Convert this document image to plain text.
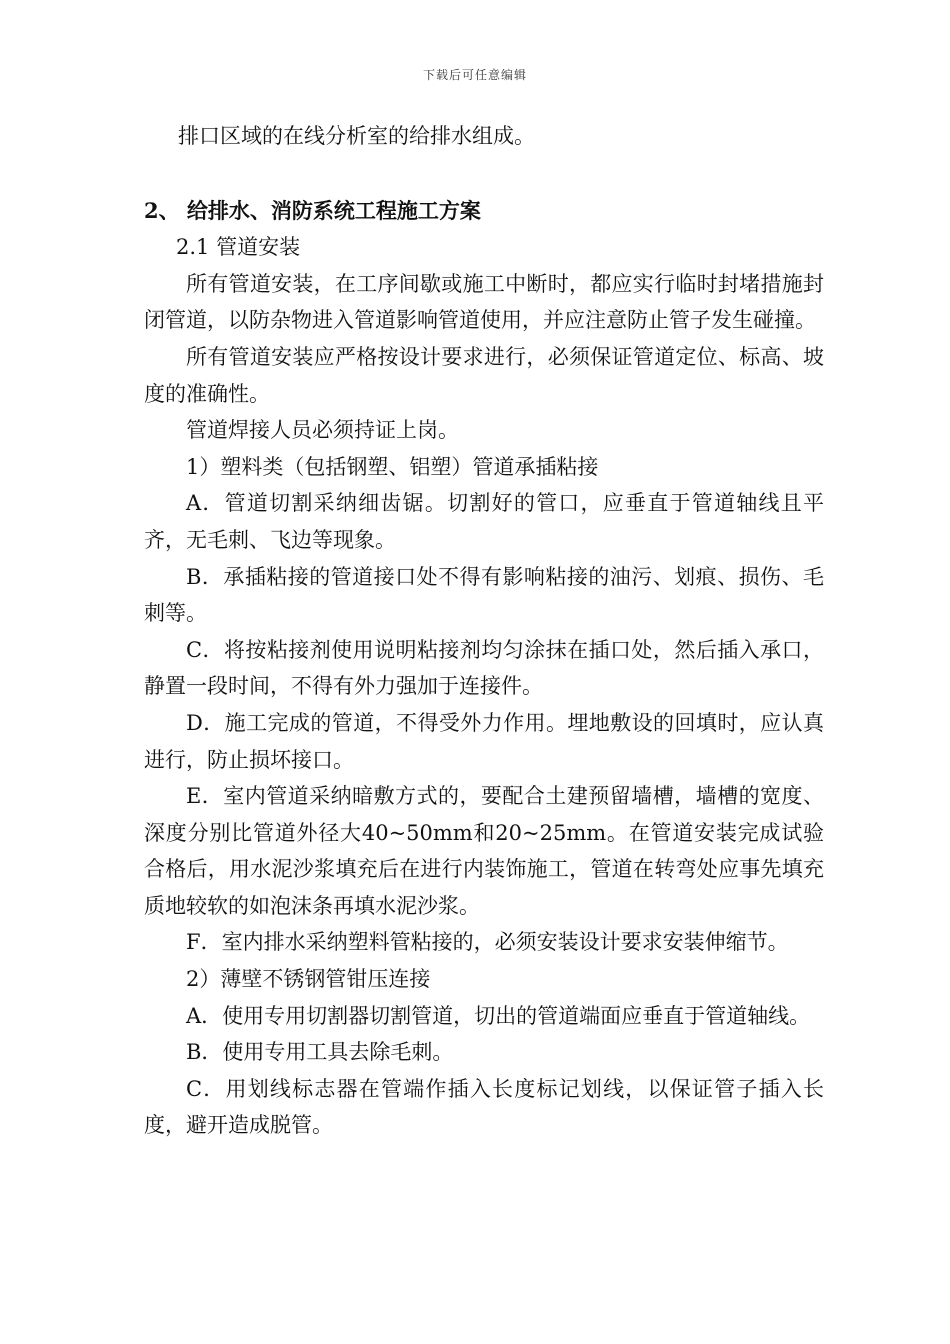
下载后可任意编辑

排口区域的在线分析室的给排水组成。

2、 给排水、消防系统工程施工方案

2.1 管道安装

所有管道安装，在工序间歇或施工中断时，都应实行临时封堵措施封闭管道，以防杂物进入管道影响管道使用，并应注意防止管子发生碰撞。

所有管道安装应严格按设计要求进行，必须保证管道定位、标高、坡度的准确性。

管道焊接人员必须持证上岗。

1）塑料类（包括钢塑、铝塑）管道承插粘接

A．管道切割采纳细齿锯。切割好的管口，应垂直于管道轴线且平齐，无毛刺、飞边等现象。

B．承插粘接的管道接口处不得有影响粘接的油污、划痕、损伤、毛刺等。

C．将按粘接剂使用说明粘接剂均匀涂抹在插口处，然后插入承口，静置一段时间，不得有外力强加于连接件。

D．施工完成的管道，不得受外力作用。埋地敷设的回填时，应认真进行，防止损坏接口。

E．室内管道采纳暗敷方式的，要配合土建预留墙槽，墙槽的宽度、深度分别比管道外径大40~50mm和20~25mm。在管道安装完成试验合格后，用水泥沙浆填充后在进行内装饰施工，管道在转弯处应事先填充质地较软的如泡沫条再填水泥沙浆。

F．室内排水采纳塑料管粘接的，必须安装设计要求安装伸缩节。

2）薄壁不锈钢管钳压连接

A．使用专用切割器切割管道，切出的管道端面应垂直于管道轴线。

B．使用专用工具去除毛刺。

C．用划线标志器在管端作插入长度标记划线，以保证管子插入长度，避开造成脱管。
